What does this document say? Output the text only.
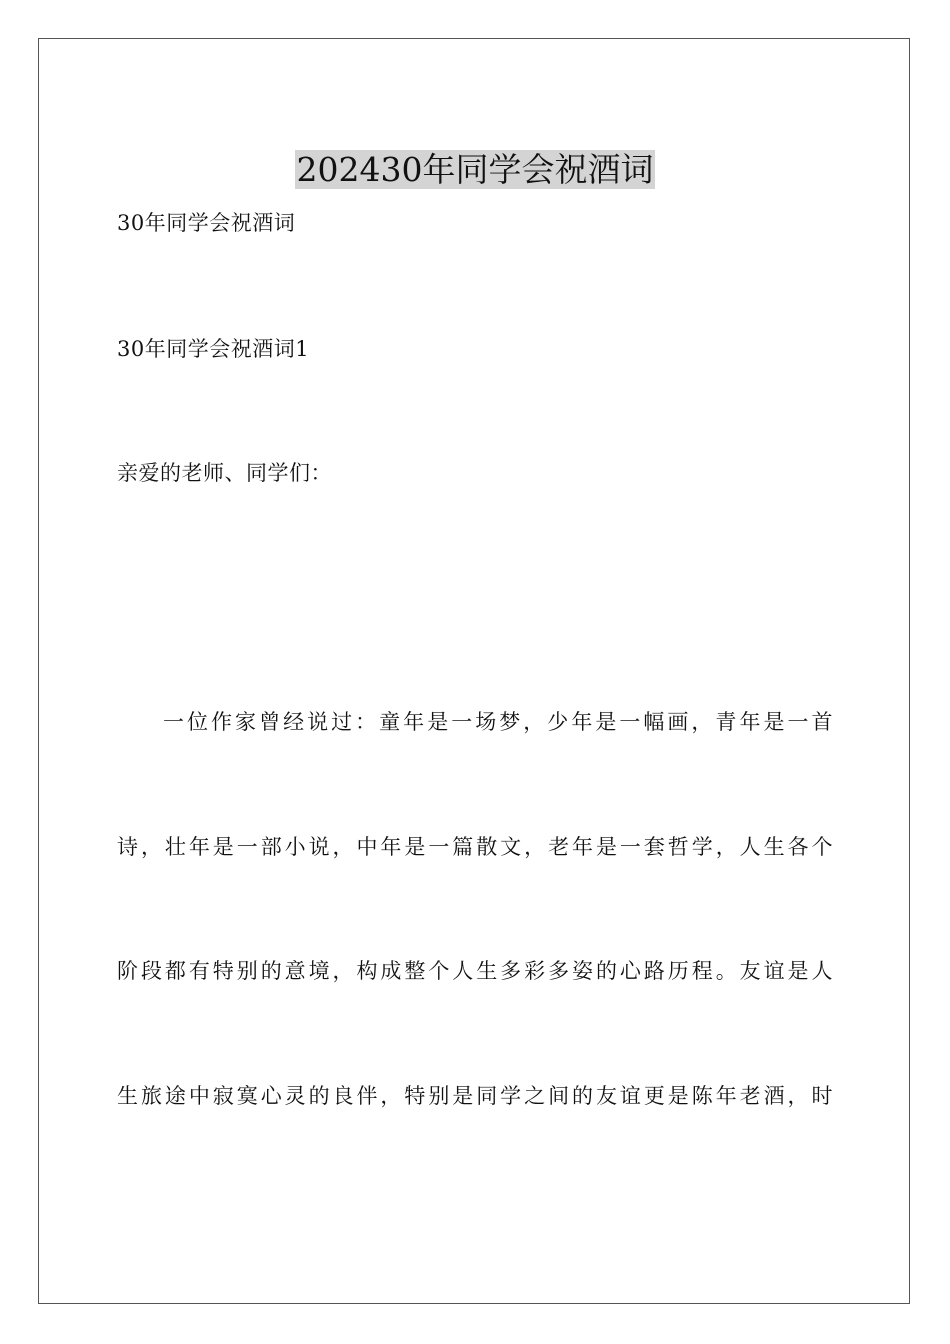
202430年同学会祝酒词
30年同学会祝酒词
30年同学会祝酒词1
亲爱的老师、同学们：
一位作家曾经说过：童年是一场梦，少年是一幅画，青年是一首
诗，壮年是一部小说，中年是一篇散文，老年是一套哲学，人生各个
阶段都有特别的意境，构成整个人生多彩多姿的心路历程。友谊是人
生旅途中寂寞心灵的良伴，特别是同学之间的友谊更是陈年老酒，时
